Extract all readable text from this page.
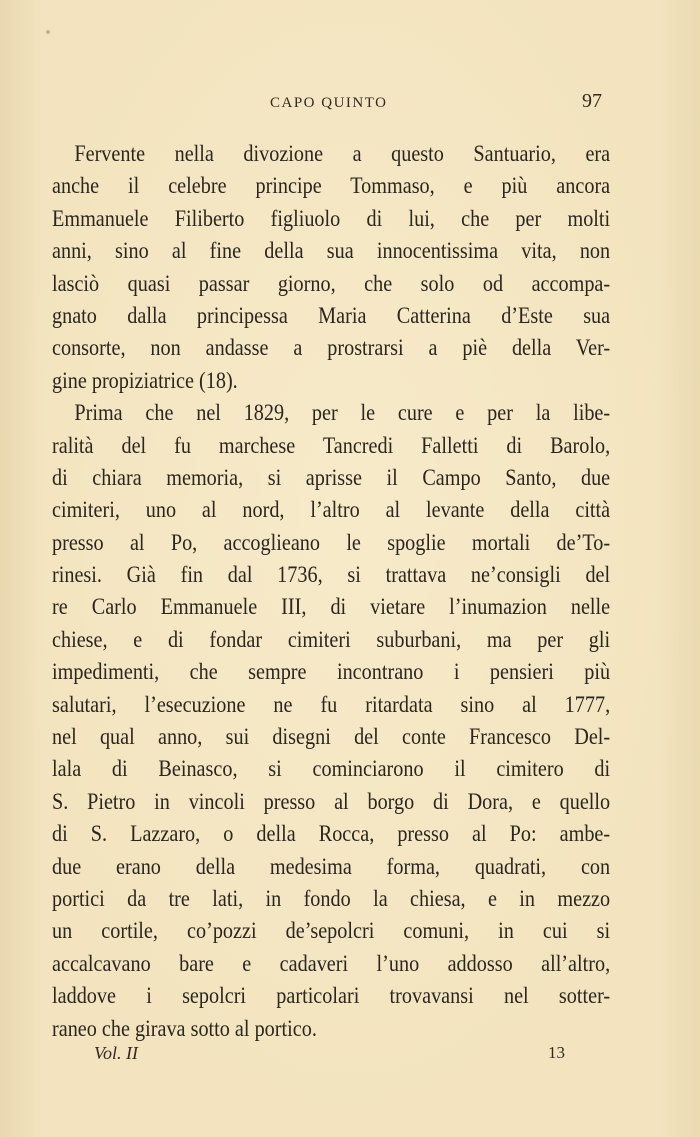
CAPO QUINTO	97
Fervente nella divozione a questo Santuario, era
anche il celebre principe Tommaso, e più ancora
Emmanuele Filiberto figliuolo di lui, che per molti
anni, sino al fine della sua innocentissima vita, non
lasciò quasi passar giorno, che solo od accompa-
gnato dalla principessa Maria Catterina d’Este sua
consorte, non andasse a prostrarsi a piè della Ver-
gine propiziatrice (18).
Prima che nel 1829, per le cure e per la libe-
ralità del fu marchese Tancredi Falletti di Barolo,
di chiara memoria, si aprisse il Campo Santo, due
cimiteri, uno al nord, l’altro al levante della città
presso al Po, accoglieano le spoglie mortali de’To-
rinesi. Già fin dal 1736, si trattava ne’consigli del
re Carlo Emmanuele III, di vietare l’inumazion nelle
chiese, e di fondar cimiteri suburbani, ma per gli
impedimenti, che sempre incontrano i pensieri più
salutari, l’esecuzione ne fu ritardata sino al 1777,
nel qual anno, sui disegni del conte Francesco Del-
lala di Beinasco, si cominciarono il cimitero di
S. Pietro in vincoli presso al borgo di Dora, e quello
di S. Lazzaro, o della Rocca, presso al Po: ambe-
due erano della medesima forma, quadrati, con
portici da tre lati, in fondo la chiesa, e in mezzo
un cortile, co’pozzi de’sepolcri comuni, in cui si
accalcavano bare e cadaveri l’uno addosso all’altro,
laddove i sepolcri particolari trovavansi nel sotter-
raneo che girava sotto al portico.
Vol. II	13
